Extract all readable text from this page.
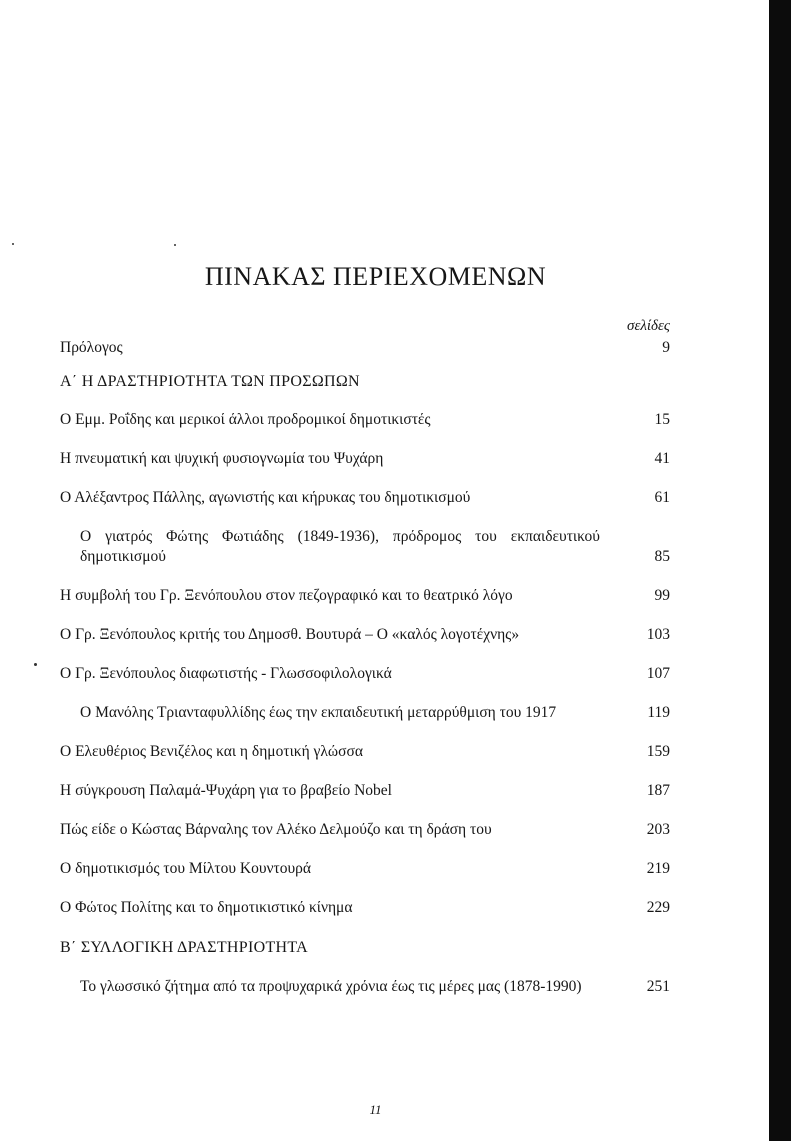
ΠΙΝΑΚΑΣ ΠΕΡΙΕΧΟΜΕΝΩΝ
σελίδες
Πρόλογος	9
Α΄ Η ΔΡΑΣΤΗΡΙΟΤΗΤΑ ΤΩΝ ΠΡΟΣΩΠΩΝ
Ο Εμμ. Ροΐδης και μερικοί άλλοι προδρομικοί δημοτικιστές	15
Η πνευματική και ψυχική φυσιογνωμία του Ψυχάρη	41
Ο Αλέξαντρος Πάλλης, αγωνιστής και κήρυκας του δημοτικισμού	61
Ο γιατρός Φώτης Φωτιάδης (1849-1936), πρόδρομος του εκπαιδευτικού δημοτικισμού	85
Η συμβολή του Γρ. Ξενόπουλου στον πεζογραφικό και το θεατρικό λόγο	99
Ο Γρ. Ξενόπουλος κριτής του Δημοσθ. Βουτυρά – Ο «καλός λογοτέχνης»	103
Ο Γρ. Ξενόπουλος διαφωτιστής - Γλωσσοφιλολογικά	107
Ο Μανόλης Τριανταφυλλίδης έως την εκπαιδευτική μεταρρύθμιση του 1917	119
Ο Ελευθέριος Βενιζέλος και η δημοτική γλώσσα	159
Η σύγκρουση Παλαμά-Ψυχάρη για το βραβείο Nobel	187
Πώς είδε ο Κώστας Βάρναλης τον Αλέκο Δελμούζο και τη δράση του	203
Ο δημοτικισμός του Μίλτου Κουντουρά	219
Ο Φώτος Πολίτης και το δημοτικιστικό κίνημα	229
Β΄ ΣΥΛΛΟΓΙΚΗ ΔΡΑΣΤΗΡΙΟΤΗΤΑ
Το γλωσσικό ζήτημα από τα προψυχαρικά χρόνια έως τις μέρες μας (1878-1990)	251
11
